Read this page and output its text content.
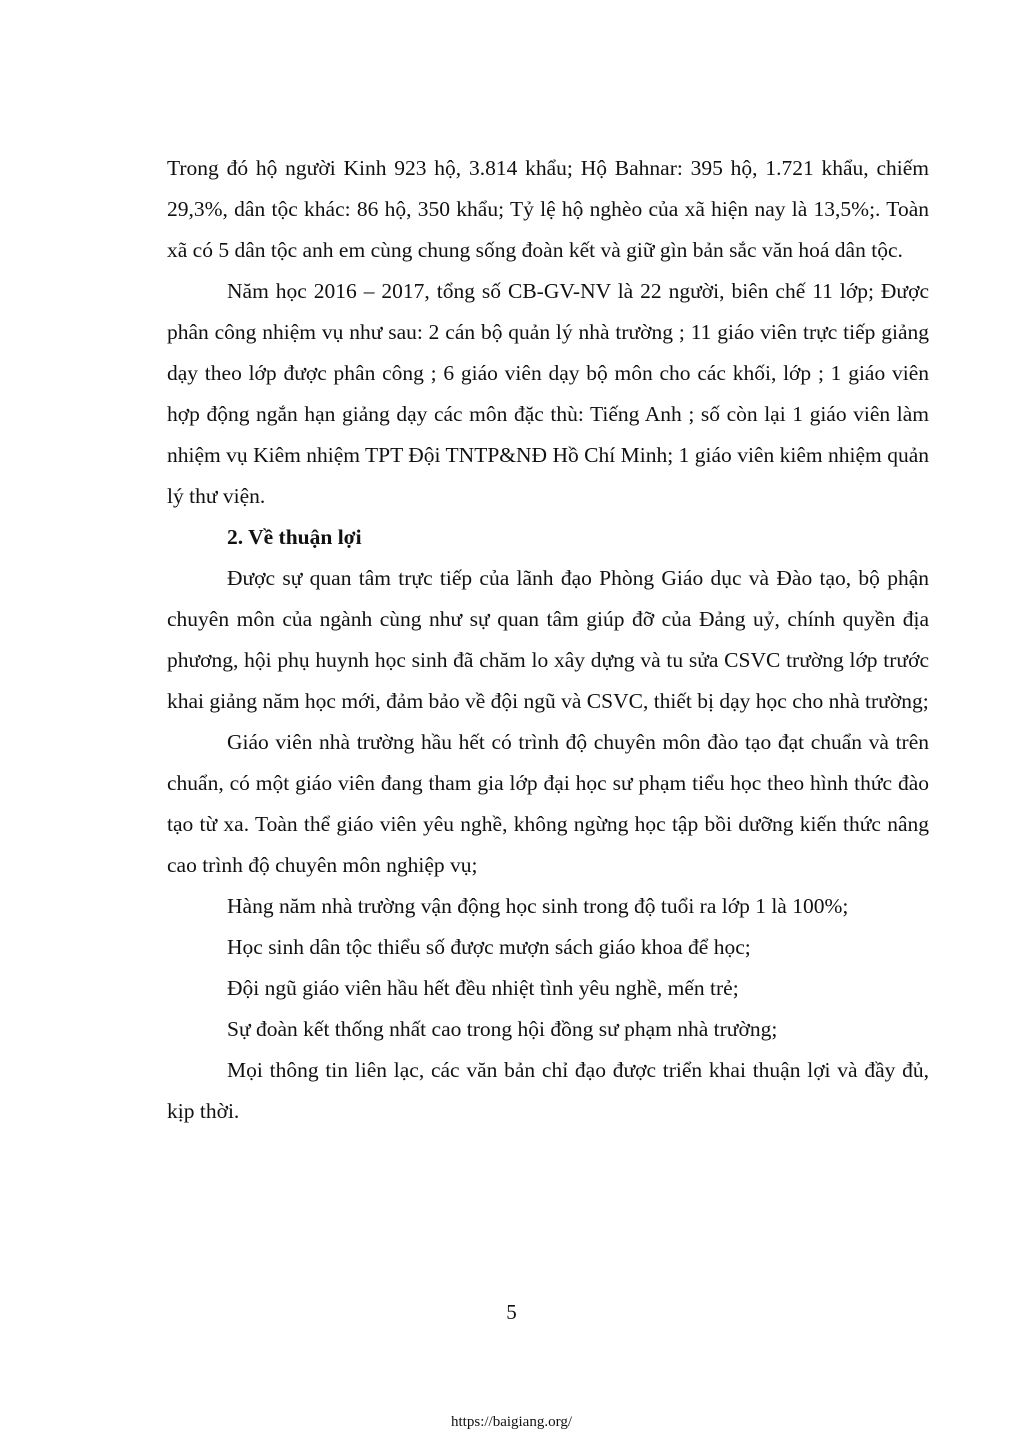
Trong đó hộ người Kinh 923 hộ, 3.814 khẩu; Hộ Bahnar: 395 hộ, 1.721 khẩu, chiếm 29,3%, dân tộc khác: 86 hộ, 350 khẩu; Tỷ lệ hộ nghèo của xã hiện nay là 13,5%;. Toàn xã có 5 dân tộc anh em cùng chung sống đoàn kết và giữ gìn bản sắc văn hoá dân tộc.

Năm học 2016 – 2017, tổng số CB-GV-NV là 22 người, biên chế 11 lớp; Được phân công nhiệm vụ như sau: 2 cán bộ quản lý nhà trường ; 11 giáo viên trực tiếp giảng dạy theo lớp được phân công ; 6 giáo viên dạy bộ môn cho các khối, lớp ; 1 giáo viên hợp động ngắn hạn giảng dạy các môn đặc thù: Tiếng Anh ; số còn lại 1 giáo viên làm nhiệm vụ Kiêm nhiệm TPT Đội TNTP&NĐ Hồ Chí Minh; 1 giáo viên kiêm nhiệm quản lý thư viện.

2. Về thuận lợi

Được sự quan tâm trực tiếp của lãnh đạo Phòng Giáo dục và Đào tạo, bộ phận chuyên môn của ngành cùng như sự quan tâm giúp đỡ của Đảng uỷ, chính quyền địa phương, hội phụ huynh học sinh đã chăm lo xây dựng và tu sửa CSVC trường lớp trước khai giảng năm học mới, đảm bảo về đội ngũ và CSVC, thiết bị dạy học cho nhà trường;

Giáo viên nhà trường hầu hết có trình độ chuyên môn đào tạo đạt chuẩn và trên chuẩn, có một giáo viên đang tham gia lớp đại học sư phạm tiểu học theo hình thức đào tạo từ xa. Toàn thể giáo viên yêu nghề, không ngừng học tập bồi dưỡng kiến thức nâng cao trình độ chuyên môn nghiệp vụ;

Hàng năm nhà trường vận động học sinh trong độ tuổi ra lớp 1 là 100%;

Học sinh dân tộc thiểu số được mượn sách giáo khoa để học;

Đội ngũ giáo viên hầu hết đều nhiệt tình yêu nghề, mến trẻ;

Sự đoàn kết thống nhất cao trong hội đồng sư phạm nhà trường;

Mọi thông tin liên lạc, các văn bản chỉ đạo được triển khai thuận lợi và đầy đủ, kịp thời.

5
https://baigiang.org/
